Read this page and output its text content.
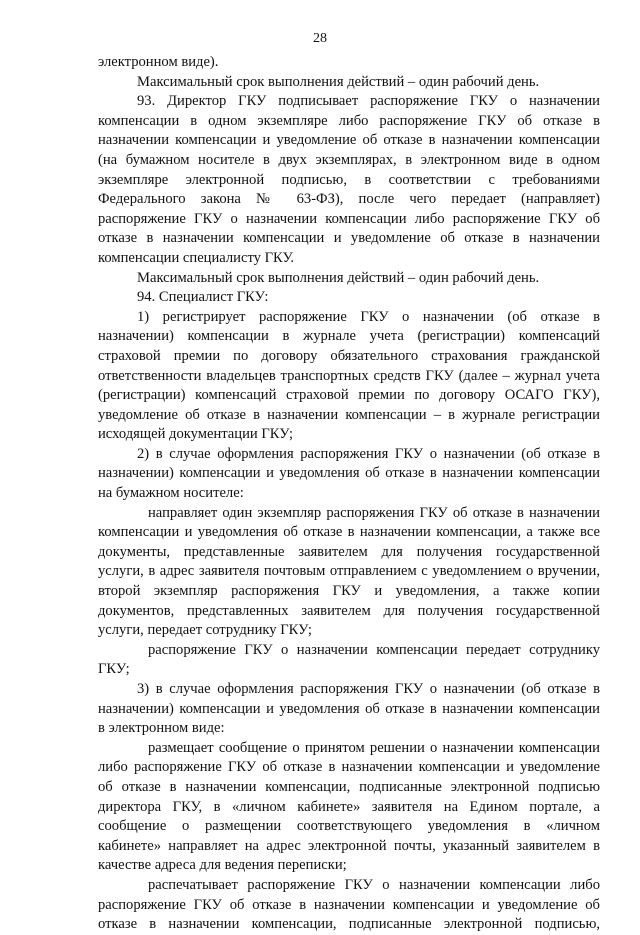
28
электронном виде).
Максимальный срок выполнения действий – один рабочий день.
93. Директор ГКУ подписывает распоряжение ГКУ о назначении
компенсации в одном экземпляре либо распоряжение ГКУ об отказе в
назначении компенсации и уведомление об отказе в назначении компенсации
(на бумажном носителе в двух экземплярах, в электронном виде в одном
экземпляре электронной подписью, в соответствии с требованиями
Федерального закона № 63-ФЗ), после чего передает (направляет)
распоряжение ГКУ о назначении компенсации либо распоряжение ГКУ об
отказе в назначении компенсации и уведомление об отказе в назначении
компенсации специалисту ГКУ.
Максимальный срок выполнения действий – один рабочий день.
94. Специалист ГКУ:
1) регистрирует распоряжение ГКУ о назначении (об отказе в
назначении) компенсации в журнале учета (регистрации) компенсаций
страховой премии по договору обязательного страхования гражданской
ответственности владельцев транспортных средств ГКУ (далее – журнал учета
(регистрации) компенсаций страховой премии по договору ОСАГО ГКУ),
уведомление об отказе в назначении компенсации – в журнале регистрации
исходящей документации ГКУ;
2) в случае оформления распоряжения ГКУ о назначении (об отказе в
назначении) компенсации и уведомления об отказе в назначении компенсации
на бумажном носителе:
направляет один экземпляр распоряжения ГКУ об отказе в назначении
компенсации и уведомления об отказе в назначении компенсации, а также все
документы, представленные заявителем для получения государственной
услуги, в адрес заявителя почтовым отправлением с уведомлением о вручении,
второй экземпляр распоряжения ГКУ и уведомления, а также копии
документов, представленных заявителем для получения государственной
услуги, передает сотруднику ГКУ;
распоряжение ГКУ о назначении компенсации передает сотруднику
ГКУ;
3) в случае оформления распоряжения ГКУ о назначении (об отказе в
назначении) компенсации и уведомления об отказе в назначении компенсации
в электронном виде:
размещает сообщение о принятом решении о назначении компенсации
либо распоряжение ГКУ об отказе в назначении компенсации и уведомление
об отказе в назначении компенсации, подписанные электронной подписью
директора ГКУ, в «личном кабинете» заявителя на Едином портале, а
сообщение о размещении соответствующего уведомления в «личном
кабинете» направляет на адрес электронной почты, указанный заявителем в
качестве адреса для ведения переписки;
распечатывает распоряжение ГКУ о назначении компенсации либо
распоряжение ГКУ об отказе в назначении компенсации и уведомление об
отказе в назначении компенсации, подписанные электронной подписью,
